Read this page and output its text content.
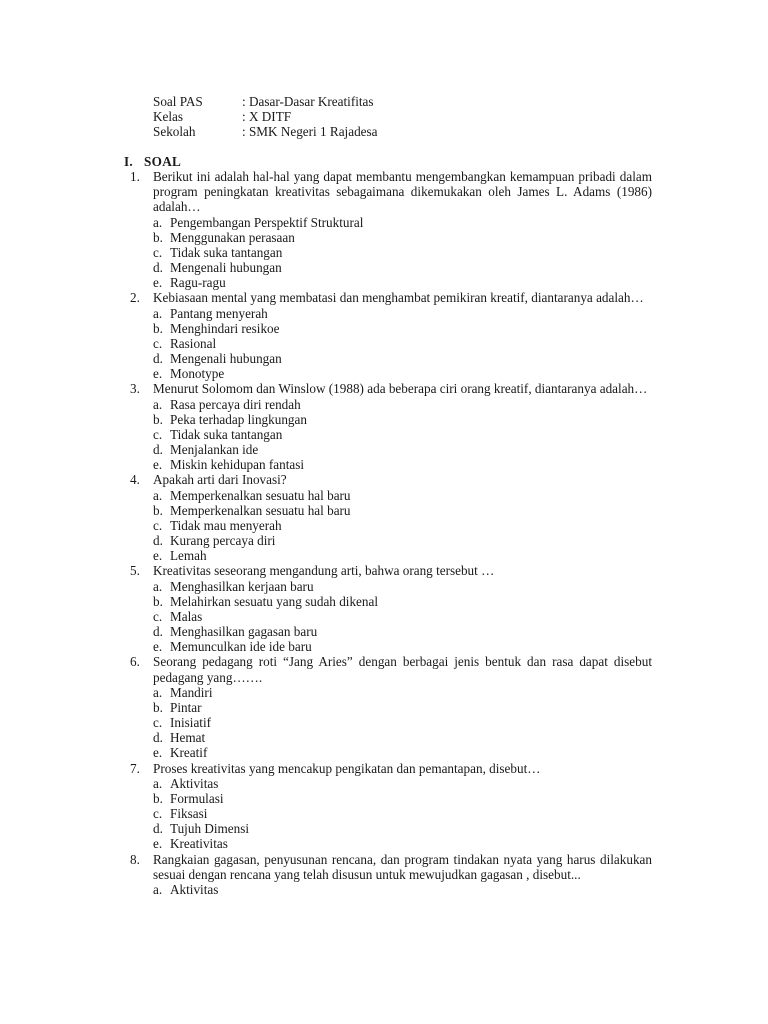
Soal PAS	: Dasar-Dasar Kreatifitas
Kelas	: X DITF
Sekolah	: SMK Negeri 1 Rajadesa
I. SOAL
1. Berikut ini adalah hal-hal yang dapat membantu mengembangkan kemampuan pribadi dalam program peningkatan kreativitas sebagaimana dikemukakan oleh James L. Adams (1986) adalah…
a. Pengembangan Perspektif Struktural
b. Menggunakan perasaan
c. Tidak suka tantangan
d. Mengenali hubungan
e. Ragu-ragu
2. Kebiasaan mental yang membatasi dan menghambat pemikiran kreatif, diantaranya adalah…
a. Pantang menyerah
b. Menghindari resikoe
c. Rasional
d. Mengenali hubungan
e. Monotype
3. Menurut Solomom dan Winslow (1988) ada beberapa ciri orang kreatif, diantaranya adalah…
a. Rasa percaya diri rendah
b. Peka terhadap lingkungan
c. Tidak suka tantangan
d. Menjalankan ide
e. Miskin kehidupan fantasi
4. Apakah arti dari Inovasi?
a. Memperkenalkan sesuatu hal baru
b. Memperkenalkan sesuatu hal baru
c. Tidak mau menyerah
d. Kurang percaya diri
e. Lemah
5. Kreativitas seseorang mengandung arti, bahwa orang tersebut …
a. Menghasilkan kerjaan baru
b. Melahirkan sesuatu yang sudah dikenal
c. Malas
d. Menghasilkan gagasan baru
e. Memunculkan ide ide baru
6. Seorang pedagang roti “Jang Aries” dengan berbagai jenis bentuk dan rasa dapat disebut pedagang yang…….
a. Mandiri
b. Pintar
c. Inisiatif
d. Hemat
e. Kreatif
7. Proses kreativitas yang mencakup pengikatan dan pemantapan, disebut…
a. Aktivitas
b. Formulasi
c. Fiksasi
d. Tujuh Dimensi
e. Kreativitas
8. Rangkaian gagasan, penyusunan rencana, dan program tindakan nyata yang harus dilakukan sesuai dengan rencana yang telah disusun untuk mewujudkan gagasan , disebut...
a. Aktivitas
